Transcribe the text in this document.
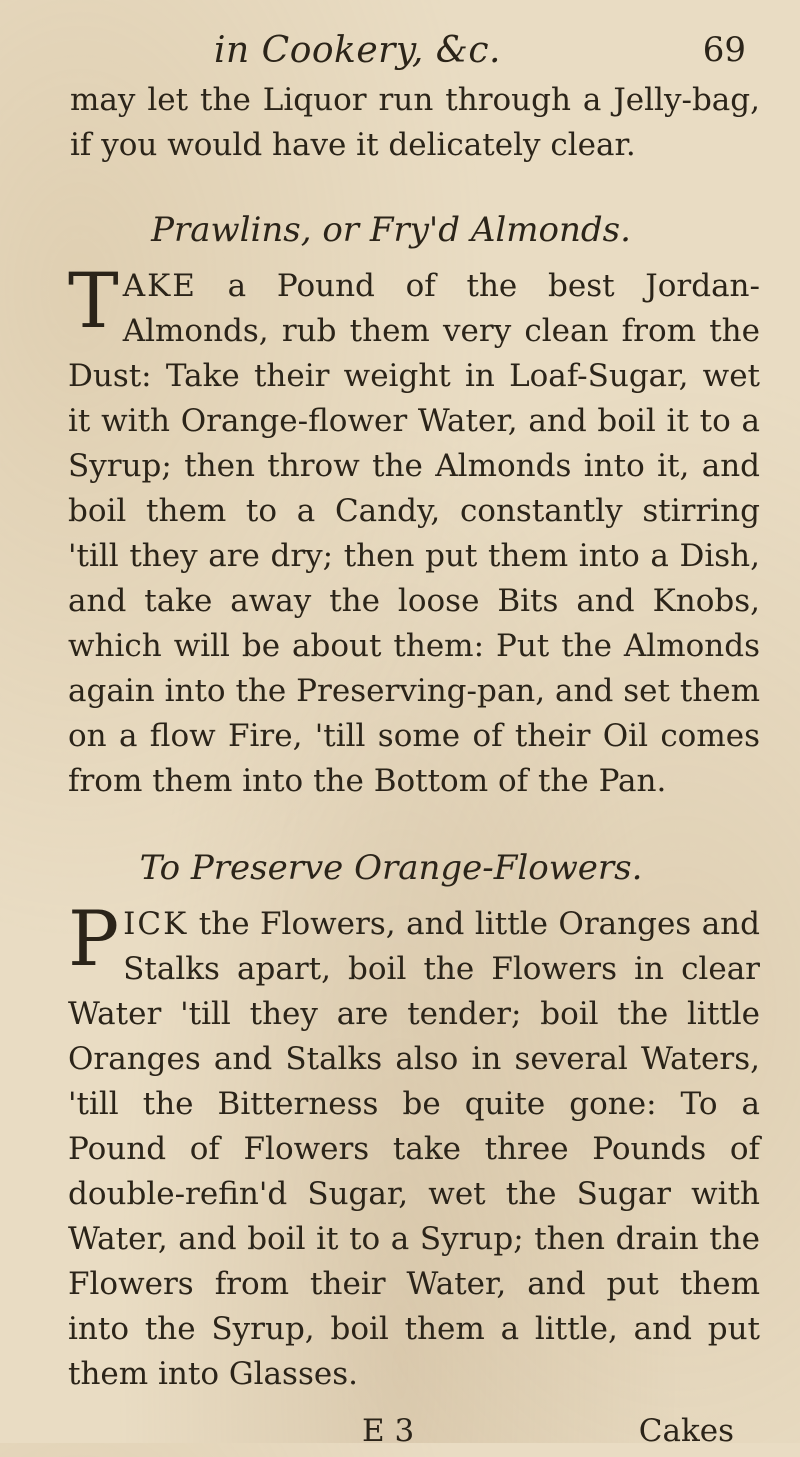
in Cookery, &c.	69

may let the Liquor run through a Jelly-bag, if you would have it delicately clear.

Prawlins, or Fry'd Almonds.

TAKE a Pound of the best Jordan-Almonds, rub them very clean from the Dust: Take their weight in Loaf-Sugar, wet it with Orange-flower Water, and boil it to a Syrup; then throw the Almonds into it, and boil them to a Candy, constantly stirring 'till they are dry; then put them into a Dish, and take away the loose Bits and Knobs, which will be about them: Put the Almonds again into the Preserving-pan, and set them on a flow Fire, 'till some of their Oil comes from them into the Bottom of the Pan.

To Preserve Orange-Flowers.

PICK the Flowers, and little Oranges and Stalks apart, boil the Flowers in clear Water 'till they are tender; boil the little Oranges and Stalks also in several Waters, 'till the Bitterness be quite gone: To a Pound of Flowers take three Pounds of double-refin'd Sugar, wet the Sugar with Water, and boil it to a Syrup; then drain the Flowers from their Water, and put them into the Syrup, boil them a little, and put them into Glasses.

E 3	Cakes
